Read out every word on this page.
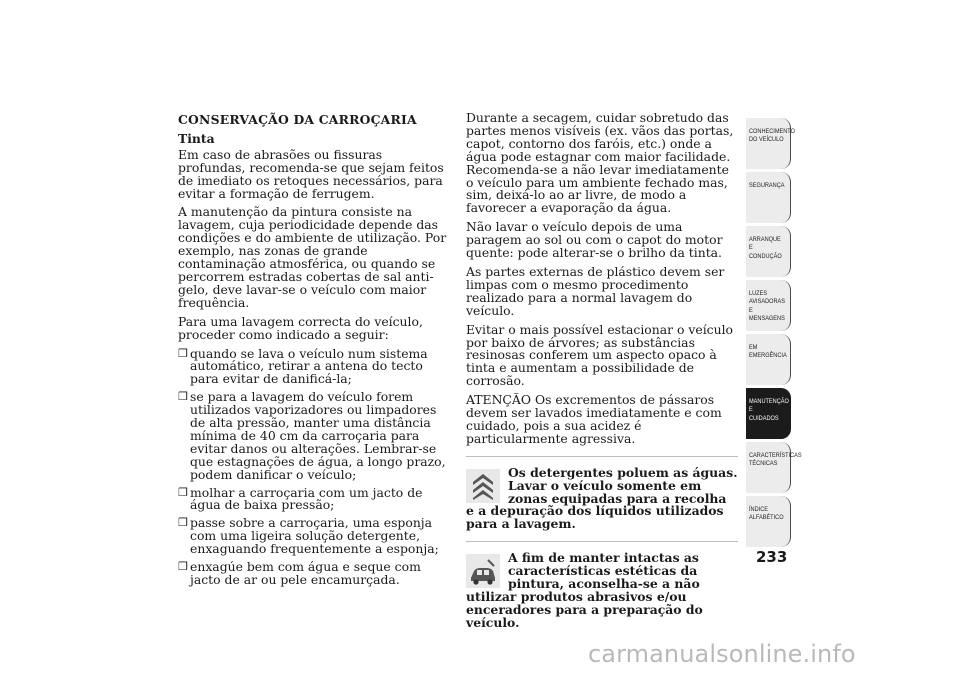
CONSERVAÇÃO DA CARROÇARIA
Tinta

Em caso de abrasões ou fissuras profundas, recomenda-se que sejam feitos de imediato os retoques necessários, para evitar a formação de ferrugem.

A manutenção da pintura consiste na lavagem, cuja periodicidade depende das condições e do ambiente de utilização. Por exemplo, nas zonas de grande contaminação atmosférica, ou quando se percorrem estradas cobertas de sal anti-gelo, deve lavar-se o veículo com maior frequência.

Para uma lavagem correcta do veículo, proceder como indicado a seguir:

❒ quando se lava o veículo num sistema automático, retirar a antena do tecto para evitar de danificá-la;
❒ se para a lavagem do veículo forem utilizados vaporizadores ou limpadores de alta pressão, manter uma distância mínima de 40 cm da carroçaria para evitar danos ou alterações. Lembrar-se que estagnações de água, a longo prazo, podem danificar o veículo;
❒ molhar a carroçaria com um jacto de água de baixa pressão;
❒ passe sobre a carroçaria, uma esponja com uma ligeira solução detergente, enxaguando frequentemente a esponja;
❒ enxagúe bem com água e seque com jacto de ar ou pele encamurçada.

Durante a secagem, cuidar sobretudo das partes menos visíveis (ex. vãos das portas, capot, contorno dos faróis, etc.) onde a água pode estagnar com maior facilidade. Recomenda-se a não levar imediatamente o veículo para um ambiente fechado mas, sim, deixá-lo ao ar livre, de modo a favorecer a evaporação da água.

Não lavar o veículo depois de uma paragem ao sol ou com o capot do motor quente: pode alterar-se o brilho da tinta.

As partes externas de plástico devem ser limpas com o mesmo procedimento realizado para a normal lavagem do veículo.

Evitar o mais possível estacionar o veículo por baixo de árvores; as substâncias resinosas conferem um aspecto opaco à tinta e aumentam a possibilidade de corrosão.

ATENÇÃO Os excrementos de pássaros devem ser lavados imediatamente e com cuidado, pois a sua acidez é particularmente agressiva.

Os detergentes poluem as águas. Lavar o veículo somente em zonas equipadas para a recolha e a depuração dos líquidos utilizados para a lavagem.

A fim de manter intactas as características estéticas da pintura, aconselha-se a não utilizar produtos abrasivos e/ou enceradores para a preparação do veículo.

CONHECIMENTO DO VEÍCULO
SEGURANÇA
ARRANQUE E CONDUÇÃO
LUZES AVISADORAS E MENSAGENS
EM EMERGÊNCIA
MANUTENÇÃO E CUIDADOS
CARACTERÍSTICAS TÉCNICAS
ÍNDICE ALFABÉTICO
233
carmanualsonline.info
